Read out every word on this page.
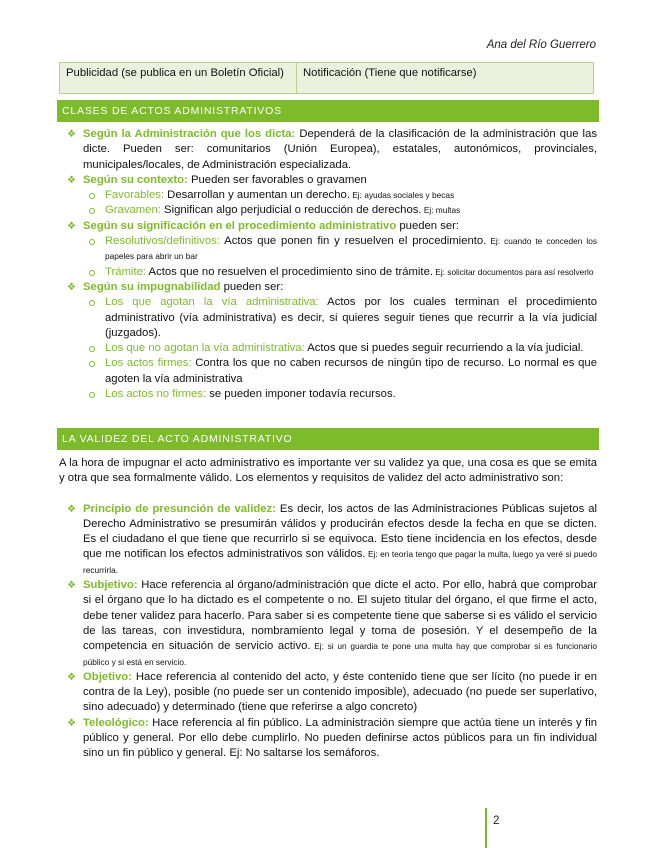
Ana del Río Guerrero
Publicidad (se publica en un Boletín Oficial)	Notificación (Tiene que notificarse)
CLASES DE ACTOS ADMINISTRATIVOS
❖ Según la Administración que los dicta: Dependerá de la clasificación de la administración que las dicte. Pueden ser: comunitarios (Unión Europea), estatales, autonómicos, provinciales, municipales/locales, de Administración especializada.
❖ Según su contexto: Pueden ser favorables o gravamen
Favorables: Desarrollan y aumentan un derecho. Ej: ayudas sociales y becas
Gravamen: Significan algo perjudicial o reducción de derechos. Ej: multas
❖ Según su significación en el procedimiento administrativo pueden ser:
Resolutivos/definitivos: Actos que ponen fin y resuelven el procedimiento. Ej: cuando te conceden los papeles para abrir un bar
Trámite: Actos que no resuelven el procedimiento sino de trámite. Ej: solicitar documentos para así resolverlo
❖ Según su impugnabilidad pueden ser:
Los que agotan la vía administrativa: Actos por los cuales terminan el procedimiento administrativo (vía administrativa) es decir, si quieres seguir tienes que recurrir a la vía judicial (juzgados).
Los que no agotan la vía administrativa: Actos que si puedes seguir recurriendo a la vía judicial.
Los actos firmes: Contra los que no caben recursos de ningún tipo de recurso. Lo normal es que agoten la vía administrativa
Los actos no firmes: se pueden imponer todavía recursos.
LA VALIDEZ DEL ACTO ADMINISTRATIVO
A la hora de impugnar el acto administrativo es importante ver su validez ya que, una cosa es que se emita y otra que sea formalmente válido. Los elementos y requisitos de validez del acto administrativo son:
❖ Principio de presunción de validez: Es decir, los actos de las Administraciones Públicas sujetos al Derecho Administrativo se presumirán válidos y producirán efectos desde la fecha en que se dicten. Es el ciudadano el que tiene que recurrirlo si se equivoca. Esto tiene incidencia en los efectos, desde que me notifican los efectos administrativos son válidos. Ej: en teoría tengo que pagar la multa, luego ya veré si puedo recurrirla.
❖ Subjetivo: Hace referencia al órgano/administración que dicte el acto. Por ello, habrá que comprobar si el órgano que lo ha dictado es el competente o no. El sujeto titular del órgano, el que firme el acto, debe tener validez para hacerlo. Para saber si es competente tiene que saberse si es válido el servicio de las tareas, con investidura, nombramiento legal y toma de posesión. Y el desempeño de la competencia en situación de servicio activo. Ej: si un guardia te pone una multa hay que comprobar si es funcionario público y si está en servicio.
❖ Objetivo: Hace referencia al contenido del acto, y éste contenido tiene que ser lícito (no puede ir en contra de la Ley), posible (no puede ser un contenido imposible), adecuado (no puede ser superlativo, sino adecuado) y determinado (tiene que referirse a algo concreto)
❖ Teleológico: Hace referencia al fin público. La administración siempre que actúa tiene un interés y fin público y general. Por ello debe cumplirlo. No pueden definirse actos públicos para un fin individual sino un fin público y general. Ej: No saltarse los semáforos.
2
